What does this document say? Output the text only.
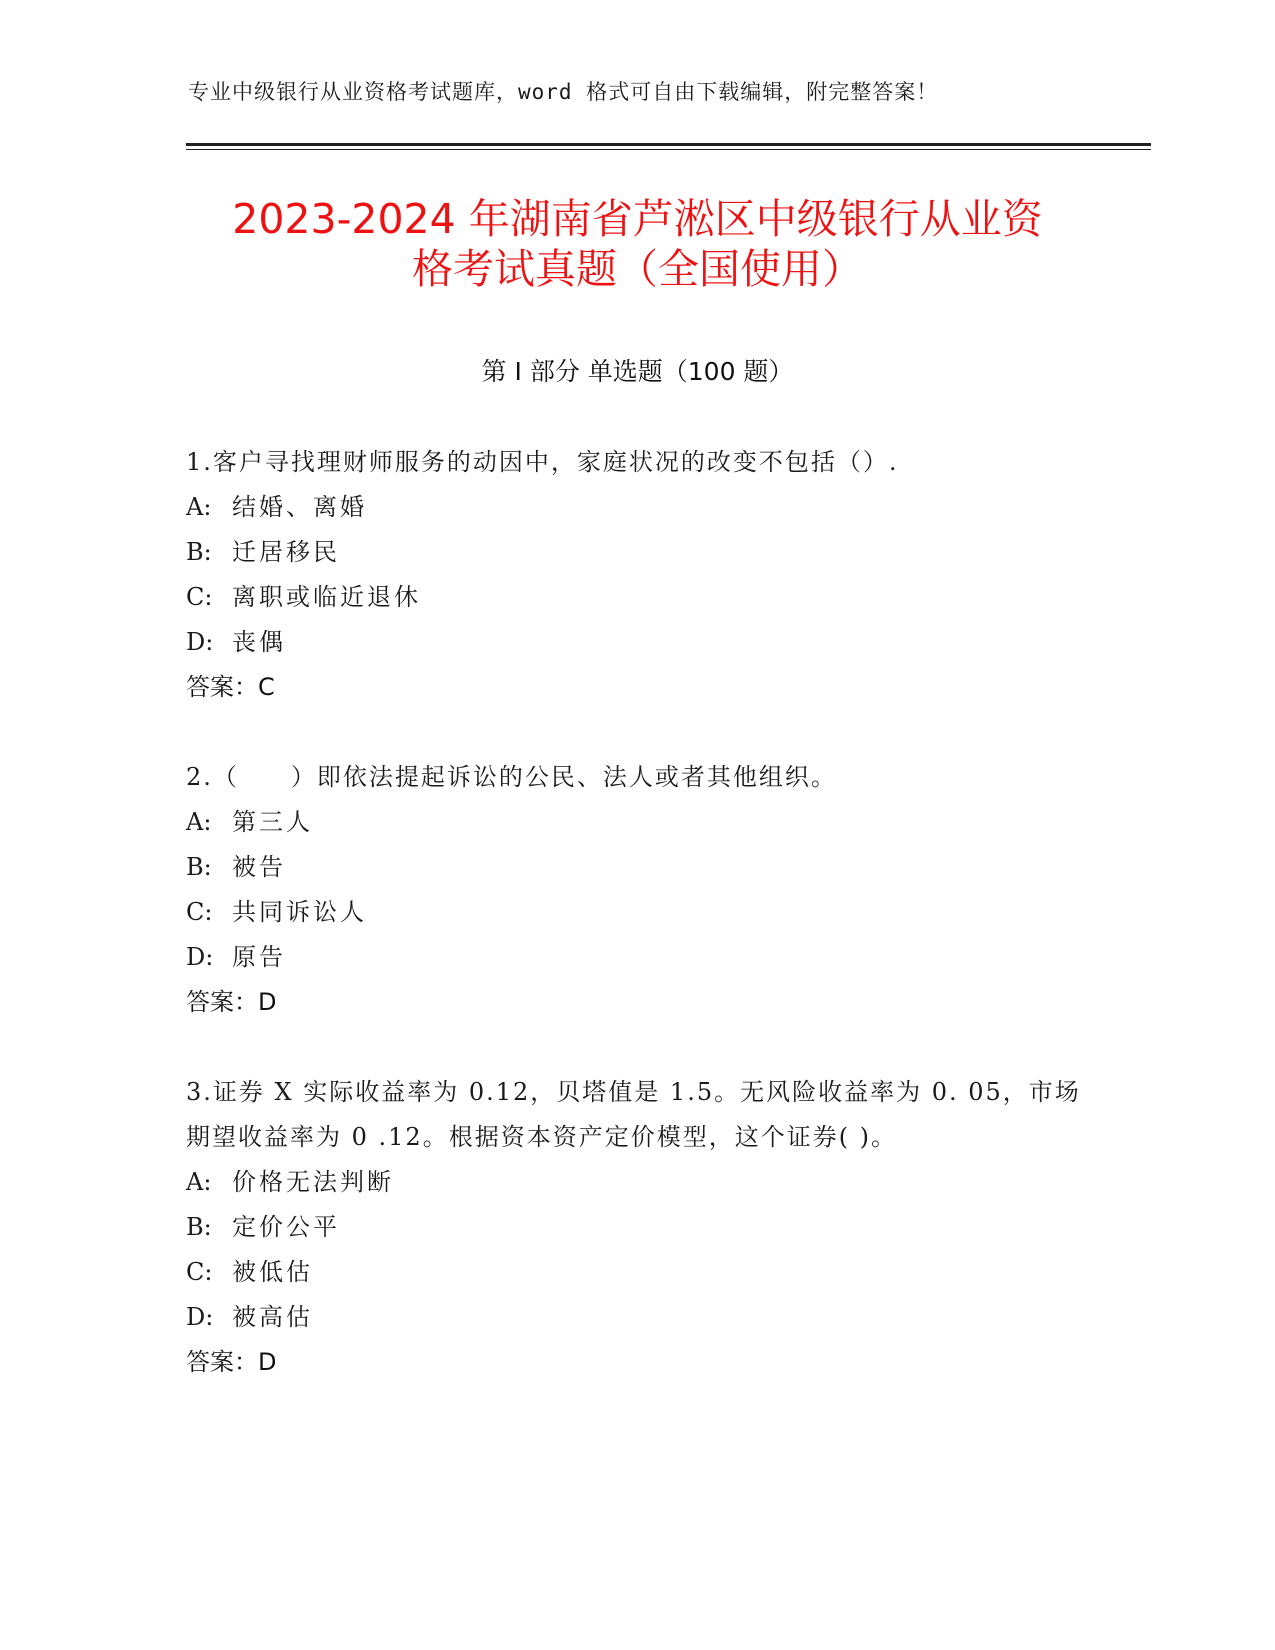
专业中级银行从业资格考试题库，word 格式可自由下载编辑，附完整答案！
2023-2024 年湖南省芦淞区中级银行从业资
格考试真题（全国使用）
第 I 部分 单选题（100 题）
1.客户寻找理财师服务的动因中，家庭状况的改变不包括（）.
A: 结婚、离婚
B: 迁居移民
C: 离职或临近退休
D: 丧偶
答案：C
2.（　　）即依法提起诉讼的公民、法人或者其他组织。
A: 第三人
B: 被告
C: 共同诉讼人
D: 原告
答案：D
3.证券 X 实际收益率为 0.12，贝塔值是 1.5。无风险收益率为 0. 05，市场期望收益率为 0 .12。根据资本资产定价模型，这个证券( )。
A: 价格无法判断
B: 定价公平
C: 被低估
D: 被高估
答案：D
